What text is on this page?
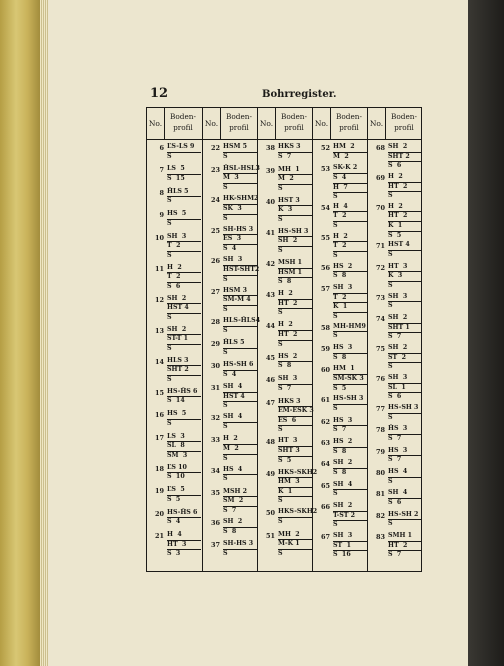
12	Bohrregister.
No.
Boden-
profil
6 ĽS-LS 9
S
7 LS  5
S  15
8 ĤLS 5
S
9 HS  5
S
10 SH  3
T  2
S
11 H  2
T  2
S  6
12 SH  2
HST 4
S
13 SH  2
ST-T 1
S
14 HLS 3
SHT 2
S
15 HS-ĤS 6
S  14
16 HS  5
S
17 LS  3
SL  8
SM  3
18 ĽS 10
S  10
19 ĽS  5
S  5
20 HS-ĤS 6
S  4
21 H  4
HT  3
S  3
No.
Boden-
profil
22 HSM 5
S
23 ĤSL-HSL3
M  3
S
24 HK-SHM2
SK  3
S
25 SH-HS 3
ES  3
S  4
26 SH  3
HST-SHT2
S
27 HSM 3
SM-M 4
S
28 HLS-ĤLS4
S
29 ĤLS 5
S
30 HS-SH 6
S  4
31 SH  4
HST 4
S
32 SH  4
S
33 H  2
M  2
S
34 HS  4
S
35 MSH 2
SM  2
S  7
36 SH  2
S  8
37 SH-HS 3
S
No.
Boden-
profil
38 HKS 3
S  7
39 MH  1
M  2
S
40 HST 3
K  3
S
41 HS-SH 3
SH  2
S
42 MSH 1
HSM 1
S  8
43 H  2
HT  2
S
44 H  2
HT  2
S
45 HS  2
S  8
46 SH  3
S  7
47 HKS 3
EM-ESK 3
ES  6
S
48 HT  3
SHT 3
S  5
49 HKS-SKH2
HM  3
K  1
S
50 HKS-SKH2
S
51 MH  2
M-K 1
S
No.
Boden-
profil
52 HM  2
M  2
53 SK-K 2
S  4
H  7
S
54 H  4
T  2
S
55 H  2
T  2
S
56 HS  2
S  8
57 SH  3
T  2
K  1
S
58 MH-HM9
S
59 HS  3
S  8
60 HM  1
SM-SK 3
S  5
61 HS-SH 3
S
62 HS  3
S  7
63 HS  2
S  8
64 SH  2
S  8
65 SH  4
S
66 SH  2
T-ST 2
S
67 SH  3
ST  1
S  16
No.
Boden-
profil
68 SH  2
SHT 2
S  6
69 H  2
HT  2
S
70 H  2
HT  2
K  1
S  5
71 HST 4
S
72 HT  3
K  3
S
73 SH  3
S
74 SH  2
SHT 1
S  7
75 SH  2
ST  2
S
76 SH  3
SL  1
S  6
77 HS-SH 3
S
78 ĤS  3
S  7
79 HS  3
S  7
80 HS  4
S
81 SH  4
S  6
82 HS-SH 2
S
83 SMH 1
HT  2
S  7
